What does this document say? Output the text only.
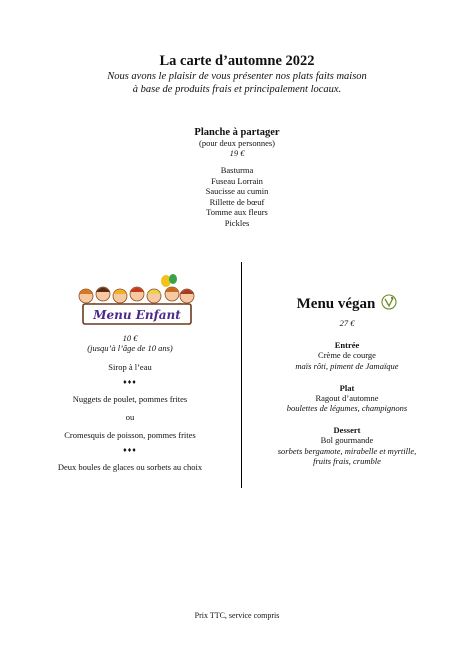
La carte d’automne 2022
Nous avons le plaisir de vous présenter nos plats faits maison
à base de produits frais et principalement locaux.
Planche à partager
(pour deux personnes)
19 €
Basturma
Fuseau Lorrain
Saucisse au cumin
Rillette de bœuf
Tomme aux fleurs
Pickles
Menu Enfant
10 €
(jusqu’à l’âge de 10 ans)
Sirop à l’eau
♦♦♦
Nuggets de poulet, pommes frites
ou
Cromesquis de poisson, pommes frites
♦♦♦
Deux boules de glaces ou sorbets au choix
Menu végan
27 €
Entrée
Crème de courge
maïs rôti, piment de Jamaïque
Plat
Ragout d’automne
boulettes de légumes, champignons
Dessert
Bol gourmande
sorbets bergamote, mirabelle et myrtille,
fruits frais, crumble
Prix TTC, service compris
